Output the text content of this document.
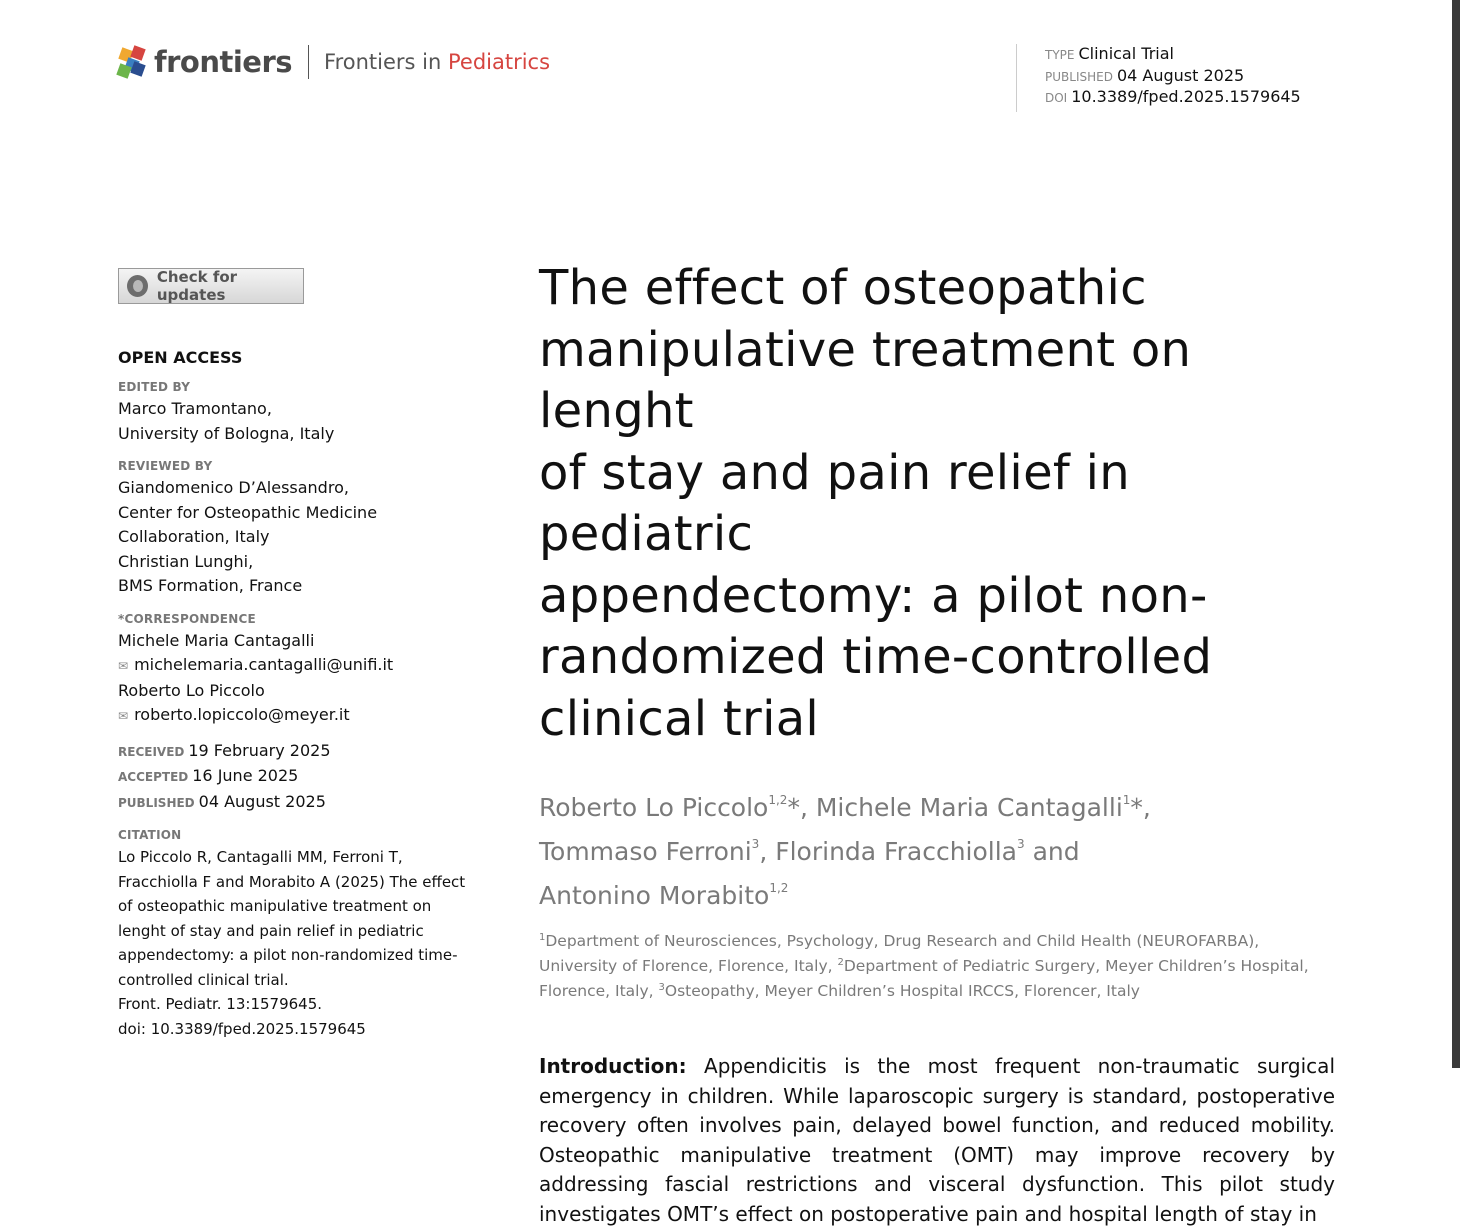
frontiers Frontiers in Pediatrics	TYPE Clinical Trial
PUBLISHED 04 August 2025
DOI 10.3389/fped.2025.1579645
Check for updates
OPEN ACCESS
EDITED BY
Marco Tramontano,
University of Bologna, Italy
REVIEWED BY
Giandomenico D’Alessandro,
Center for Osteopathic Medicine
Collaboration, Italy
Christian Lunghi,
BMS Formation, France
*CORRESPONDENCE
Michele Maria Cantagalli
✉ michelemaria.cantagalli@unifi.it
Roberto Lo Piccolo
✉ roberto.lopiccolo@meyer.it
RECEIVED 19 February 2025
ACCEPTED 16 June 2025
PUBLISHED 04 August 2025
CITATION
Lo Piccolo R, Cantagalli MM, Ferroni T,
Fracchiolla F and Morabito A (2025) The effect
of osteopathic manipulative treatment on
lenght of stay and pain relief in pediatric
appendectomy: a pilot non-randomized time-
controlled clinical trial.
Front. Pediatr. 13:1579645.
doi: 10.3389/fped.2025.1579645
The effect of osteopathic
manipulative treatment on lenght
of stay and pain relief in pediatric
appendectomy: a pilot non-
randomized time-controlled
clinical trial
Roberto Lo Piccolo$^{1,2}$*, Michele Maria Cantagalli$^1$*,
Tommaso Ferroni$^3$, Florinda Fracchiolla$^3$ and
Antonino Morabito$^{1,2}$
$^1$Department of Neurosciences, Psychology, Drug Research and Child Health (NEUROFARBA),
University of Florence, Florence, Italy, $^2$Department of Pediatric Surgery, Meyer Children’s Hospital,
Florence, Italy, $^3$Osteopathy, Meyer Children’s Hospital IRCCS, Florencer, Italy
Introduction: Appendicitis is the most frequent non-traumatic surgical emergency in children. While laparoscopic surgery is standard, postoperative recovery often involves pain, delayed bowel function, and reduced mobility. Osteopathic manipulative treatment (OMT) may improve recovery by addressing fascial restrictions and visceral dysfunction. This pilot study investigates OMT’s effect on postoperative pain and hospital length of stay in
